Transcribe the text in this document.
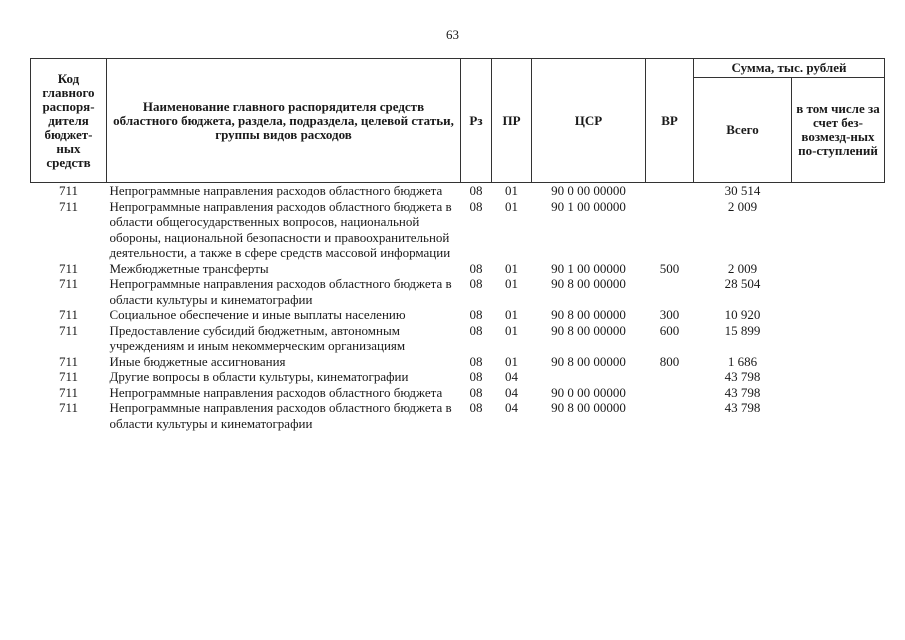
63
Код главного распоря-дителя бюджет-ных средств	Наименование главного распорядителя средств областного бюджета, раздела, подраздела, целевой статьи, группы видов расходов	Рз	ПР	ЦСР	ВР	Сумма, тыс. рублей	
						Всего	в том числе за счет без-возмезд-ных по-ступлений
711	Непрограммные направления расходов областного бюджета	08	01	90 0 00 00000		30 514	
711	Непрограммные направления расходов областного бюджета в области общегосударственных вопросов, национальной обороны, национальной безопасности и правоохранительной деятельности, а также в сфере средств массовой информации	08	01	90 1 00 00000		2 009	
711	Межбюджетные трансферты	08	01	90 1 00 00000	500	2 009	
711	Непрограммные направления расходов областного бюджета в области культуры и кинематографии	08	01	90 8 00 00000		28 504	
711	Социальное обеспечение и иные выплаты населению	08	01	90 8 00 00000	300	10 920	
711	Предоставление субсидий бюджетным, автономным учреждениям и иным некоммерческим организациям	08	01	90 8 00 00000	600	15 899	
711	Иные бюджетные ассигнования	08	01	90 8 00 00000	800	1 686	
711	Другие вопросы в области культуры, кинематографии	08	04			43 798	
711	Непрограммные направления расходов областного бюджета	08	04	90 0 00 00000		43 798	
711	Непрограммные направления расходов областного бюджета в области культуры и кинематографии	08	04	90 8 00 00000		43 798	
